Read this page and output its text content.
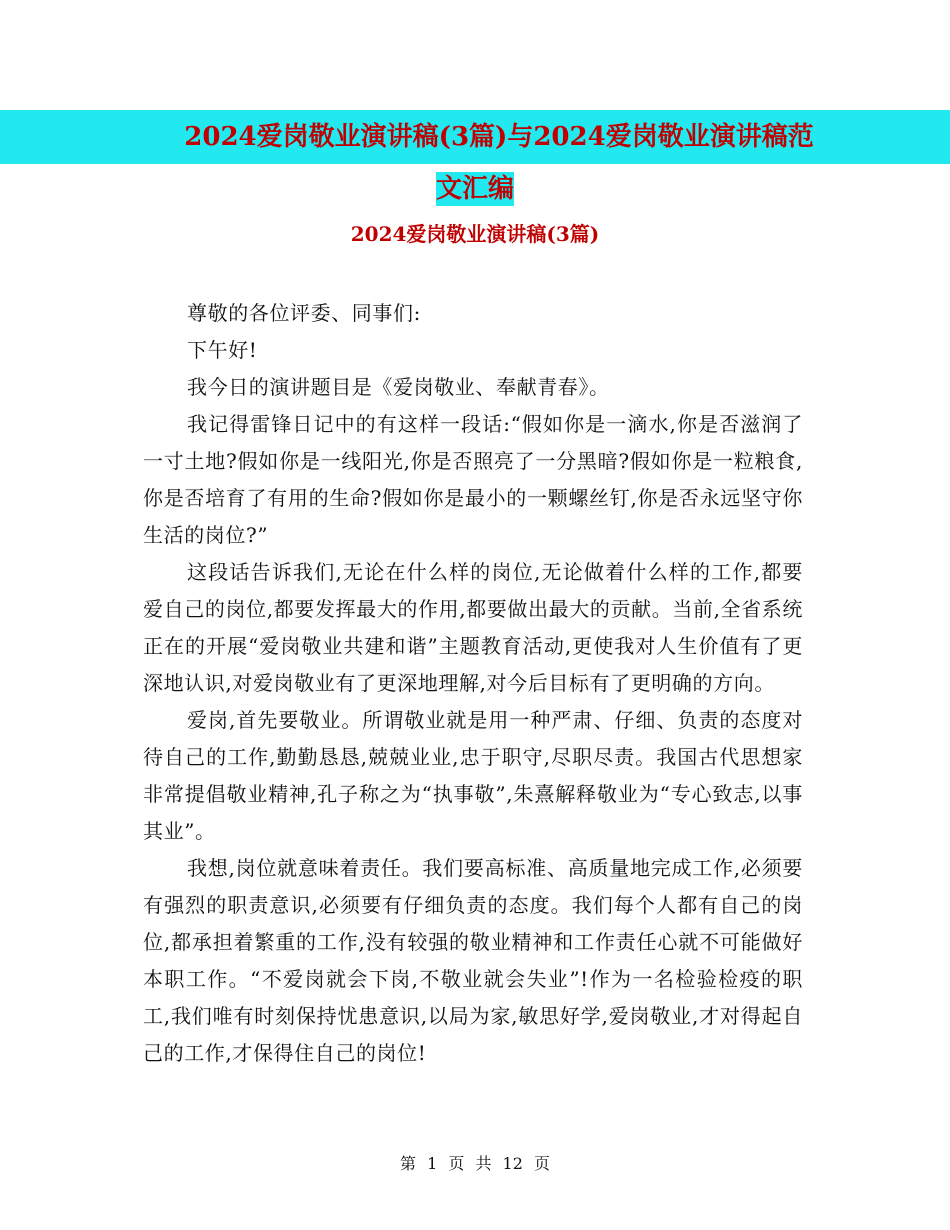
2024爱岗敬业演讲稿(3篇)与2024爱岗敬业演讲稿范
文汇编
2024爱岗敬业演讲稿(3篇)

尊敬的各位评委、同事们:

下午好!

我今日的演讲题目是《爱岗敬业、奉献青春》。

我记得雷锋日记中的有这样一段话:“假如你是一滴水,你是否滋润了一寸土地?假如你是一线阳光,你是否照亮了一分黑暗?假如你是一粒粮食,你是否培育了有用的生命?假如你是最小的一颗螺丝钉,你是否永远坚守你生活的岗位?”

这段话告诉我们,无论在什么样的岗位,无论做着什么样的工作,都要爱自己的岗位,都要发挥最大的作用,都要做出最大的贡献。当前,全省系统正在的开展“爱岗敬业共建和谐”主题教育活动,更使我对人生价值有了更深地认识,对爱岗敬业有了更深地理解,对今后目标有了更明确的方向。

爱岗,首先要敬业。所谓敬业就是用一种严肃、仔细、负责的态度对待自己的工作,勤勤恳恳,兢兢业业,忠于职守,尽职尽责。我国古代思想家非常提倡敬业精神,孔子称之为“执事敬”,朱熹解释敬业为“专心致志,以事其业”。

我想,岗位就意味着责任。我们要高标准、高质量地完成工作,必须要有强烈的职责意识,必须要有仔细负责的态度。我们每个人都有自己的岗位,都承担着繁重的工作,没有较强的敬业精神和工作责任心就不可能做好本职工作。“不爱岗就会下岗,不敬业就会失业”!作为一名检验检疫的职工,我们唯有时刻保持忧患意识,以局为家,敏思好学,爱岗敬业,才对得起自己的工作,才保得住自己的岗位!

第 1 页 共 12 页
